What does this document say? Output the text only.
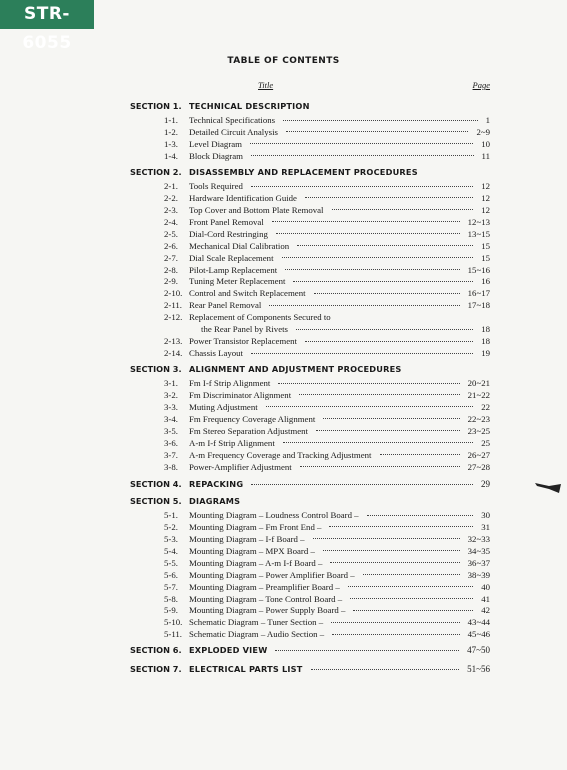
STR-6055
TABLE OF CONTENTS
Title	Page
SECTION 1. TECHNICAL DESCRIPTION
1-1.	Technical Specifications	1
1-2.	Detailed Circuit Analysis	2~9
1-3.	Level Diagram	10
1-4.	Block Diagram	11
SECTION 2. DISASSEMBLY AND REPLACEMENT PROCEDURES
2-1.	Tools Required	12
2-2.	Hardware Identification Guide	12
2-3.	Top Cover and Bottom Plate Removal	12
2-4.	Front Panel Removal	12~13
2-5.	Dial-Cord Restringing	13~15
2-6.	Mechanical Dial Calibration	15
2-7.	Dial Scale Replacement	15
2-8.	Pilot-Lamp Replacement	15~16
2-9.	Tuning Meter Replacement	16
2-10. Control and Switch Replacement	16~17
2-11. Rear Panel Removal	17~18
2-12. Replacement of Components Secured to
the Rear Panel by Rivets	18
2-13. Power Transistor Replacement	18
2-14. Chassis Layout	19
SECTION 3. ALIGNMENT AND ADJUSTMENT PROCEDURES
3-1.	Fm I-f Strip Alignment	20~21
3-2.	Fm Discriminator Alignment	21~22
3-3.	Muting Adjustment	22
3-4.	Fm Frequency Coverage Alignment	22~23
3-5.	Fm Stereo Separation Adjustment	23~25
3-6.	A-m I-f Strip Alignment	25
3-7.	A-m Frequency Coverage and Tracking Adjustment	26~27
3-8.	Power-Amplifier Adjustment	27~28
SECTION 4. REPACKING	29
SECTION 5. DIAGRAMS
5-1.	Mounting Diagram – Loudness Control Board –	30
5-2.	Mounting Diagram – Fm Front End –	31
5-3.	Mounting Diagram – I-f Board –	32~33
5-4.	Mounting Diagram – MPX Board –	34~35
5-5.	Mounting Diagram – A-m I-f Board –	36~37
5-6.	Mounting Diagram – Power Amplifier Board –	38~39
5-7.	Mounting Diagram – Preamplifier Board –	40
5-8.	Mounting Diagram – Tone Control Board –	41
5-9.	Mounting Diagram – Power Supply Board –	42
5-10. Schematic Diagram – Tuner Section –	43~44
5-11. Schematic Diagram – Audio Section –	45~46
SECTION 6. EXPLODED VIEW	47~50
SECTION 7. ELECTRICAL PARTS LIST	51~56
